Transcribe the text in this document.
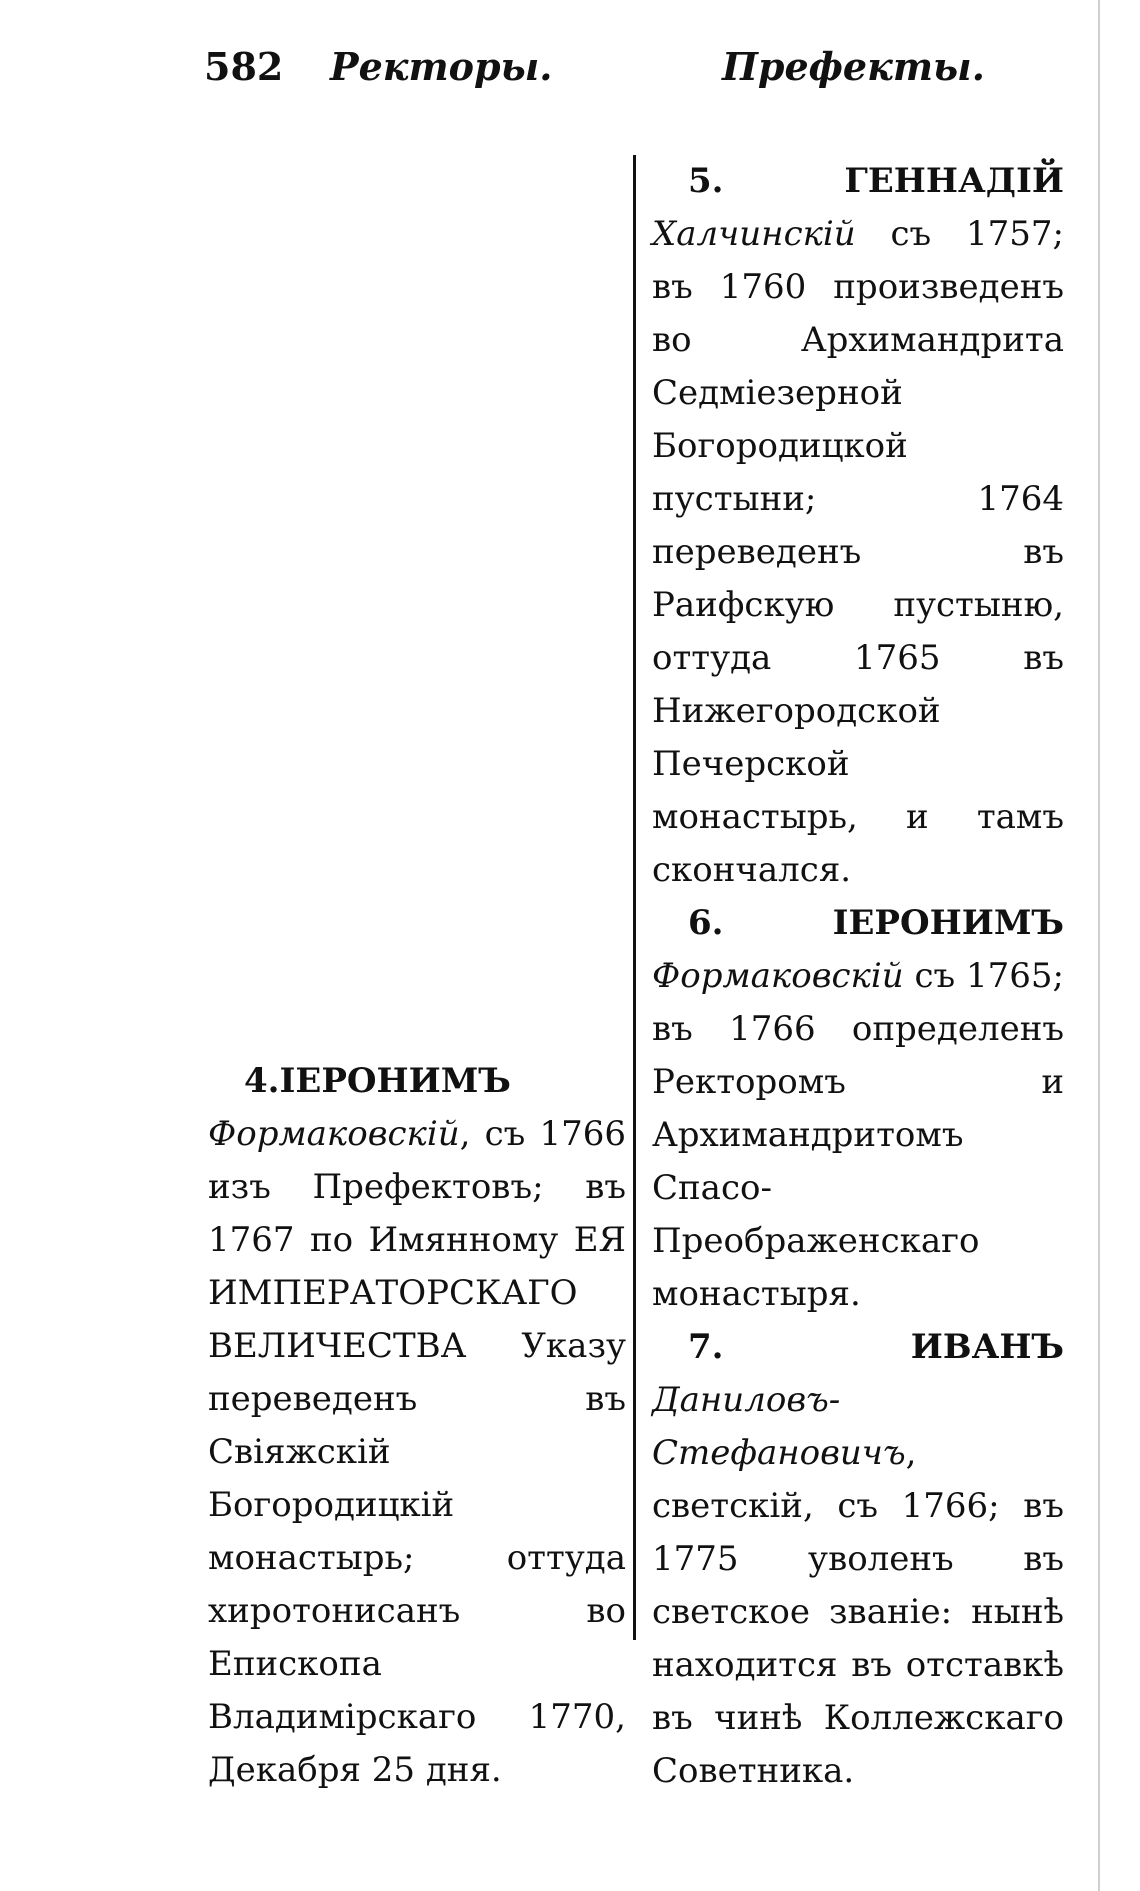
582 Ректоры.	Префекты.

4.ІЕРОНИМЪ Формаковскій, съ 1766 изъ Префектовъ; въ 1767 по Имянному ЕЯ ИМПЕРАТОРСКАГО ВЕЛИЧЕСТВА Указу переведенъ въ Свіяжскій Богородицкій монастырь; оттуда хиротонисанъ во Епископа Владимірскаго 1770, Декабря 25 дня.

5.	ГЕННАДІЙ Халчинскій съ 1757; въ 1760 произведенъ во Архимандрита Седміезерной Богородицкой пустыни; 1764 переведенъ въ Раифскую пустыню, оттуда 1765 въ Нижегородской Печерской монастырь, и тамъ скончался.

6.	ІЕРОНИМЪ Формаковскій съ 1765; въ 1766 определенъ Ректоромъ и Архимандритомъ Спасо-Преображенскаго монастыря.

7.	ИВАНЪ Даниловъ-Стефановичъ, светскій, съ 1766; въ 1775 уволенъ въ светское званіе: нынѣ находится въ отставкѣ въ чинѣ Коллежскаго Советника.
